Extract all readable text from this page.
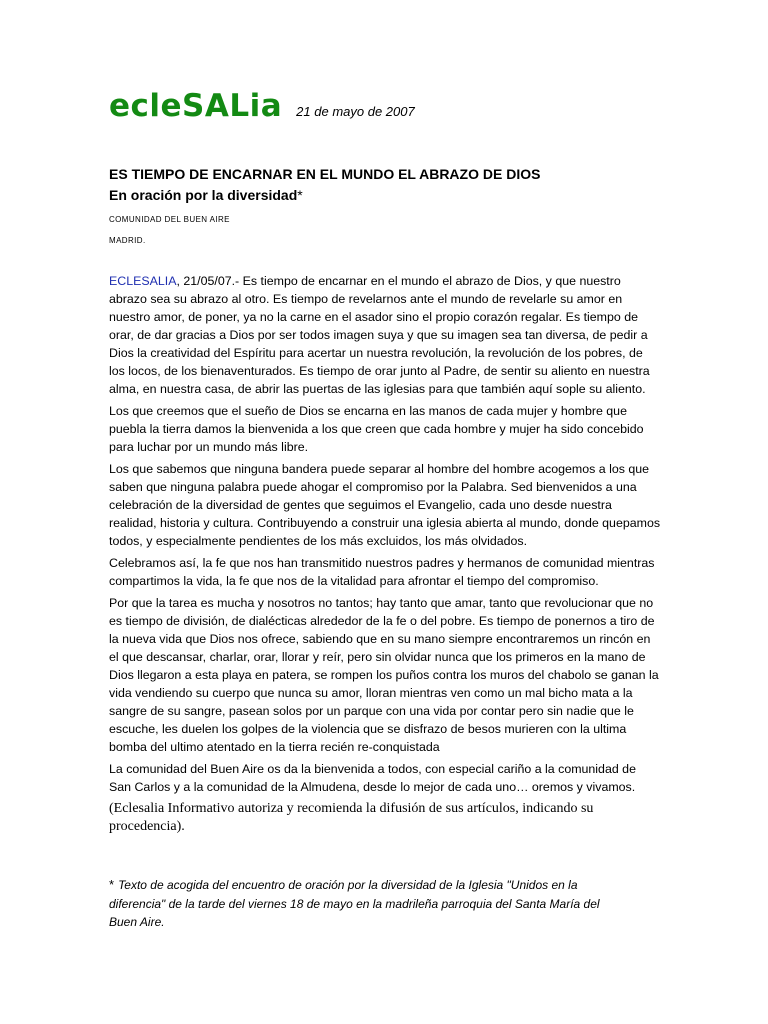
ecleSALia 21 de mayo de 2007
ES TIEMPO DE ENCARNAR EN EL MUNDO EL ABRAZO DE DIOS
En oración por la diversidad*

COMUNIDAD DEL BUEN AIRE

MADRID.

ECLESALIA, 21/05/07.- Es tiempo de encarnar en el mundo el abrazo de Dios, y que nuestro abrazo sea su abrazo al otro. Es tiempo de revelarnos ante el mundo de revelarle su amor en nuestro amor, de poner, ya no la carne en el asador sino el propio corazón regalar. Es tiempo de orar, de dar gracias a Dios por ser todos imagen suya y que su imagen sea tan diversa, de pedir a Dios la creatividad del Espíritu para acertar un nuestra revolución, la revolución de los pobres, de los locos, de los bienaventurados. Es tiempo de orar junto al Padre, de sentir su aliento en nuestra alma, en nuestra casa, de abrir las puertas de las iglesias para que también aquí sople su aliento.

Los que creemos que el sueño de Dios se encarna en las manos de cada mujer y hombre que puebla la tierra damos la bienvenida a los que creen que cada hombre y mujer ha sido concebido para luchar por un mundo más libre.

Los que sabemos que ninguna bandera puede separar al hombre del hombre acogemos a los que saben que ninguna palabra puede ahogar el compromiso por la Palabra. Sed bienvenidos a una celebración de la diversidad de gentes que seguimos el Evangelio, cada uno desde nuestra realidad, historia y cultura. Contribuyendo a construir una iglesia abierta al mundo, donde quepamos todos, y especialmente pendientes de los más excluidos, los más olvidados.

Celebramos así, la fe que nos han transmitido nuestros padres y hermanos de comunidad mientras compartimos la vida, la fe que nos de la vitalidad para afrontar el tiempo del compromiso.

Por que la tarea es mucha y nosotros no tantos; hay tanto que amar, tanto que revolucionar que no es tiempo de división, de dialécticas alrededor de la fe o del pobre. Es tiempo de ponernos a tiro de la nueva vida que Dios nos ofrece, sabiendo que en su mano siempre encontraremos un rincón en el que descansar, charlar, orar, llorar y reír, pero sin olvidar nunca que los primeros en la mano de Dios llegaron a esta playa en patera, se rompen los puños contra los muros del chabolo se ganan la vida vendiendo su cuerpo que nunca su amor, lloran mientras ven como un mal bicho mata a la sangre de su sangre, pasean solos por un parque con una vida por contar pero sin nadie que le escuche, les duelen los golpes de la violencia que se disfrazo de besos murieren con la ultima bomba del ultimo atentado en la tierra recién re-conquistada

La comunidad del Buen Aire os da la bienvenida a todos, con especial cariño a la comunidad de San Carlos y a la comunidad de la Almudena, desde lo mejor de cada uno… oremos y vivamos.

(Eclesalia Informativo autoriza y recomienda la difusión de sus artículos, indicando su procedencia).

* Texto de acogida del encuentro de oración por la diversidad de la Iglesia "Unidos en la diferencia" de la tarde del viernes 18 de mayo en la madrileña parroquia del Santa María del Buen Aire.
